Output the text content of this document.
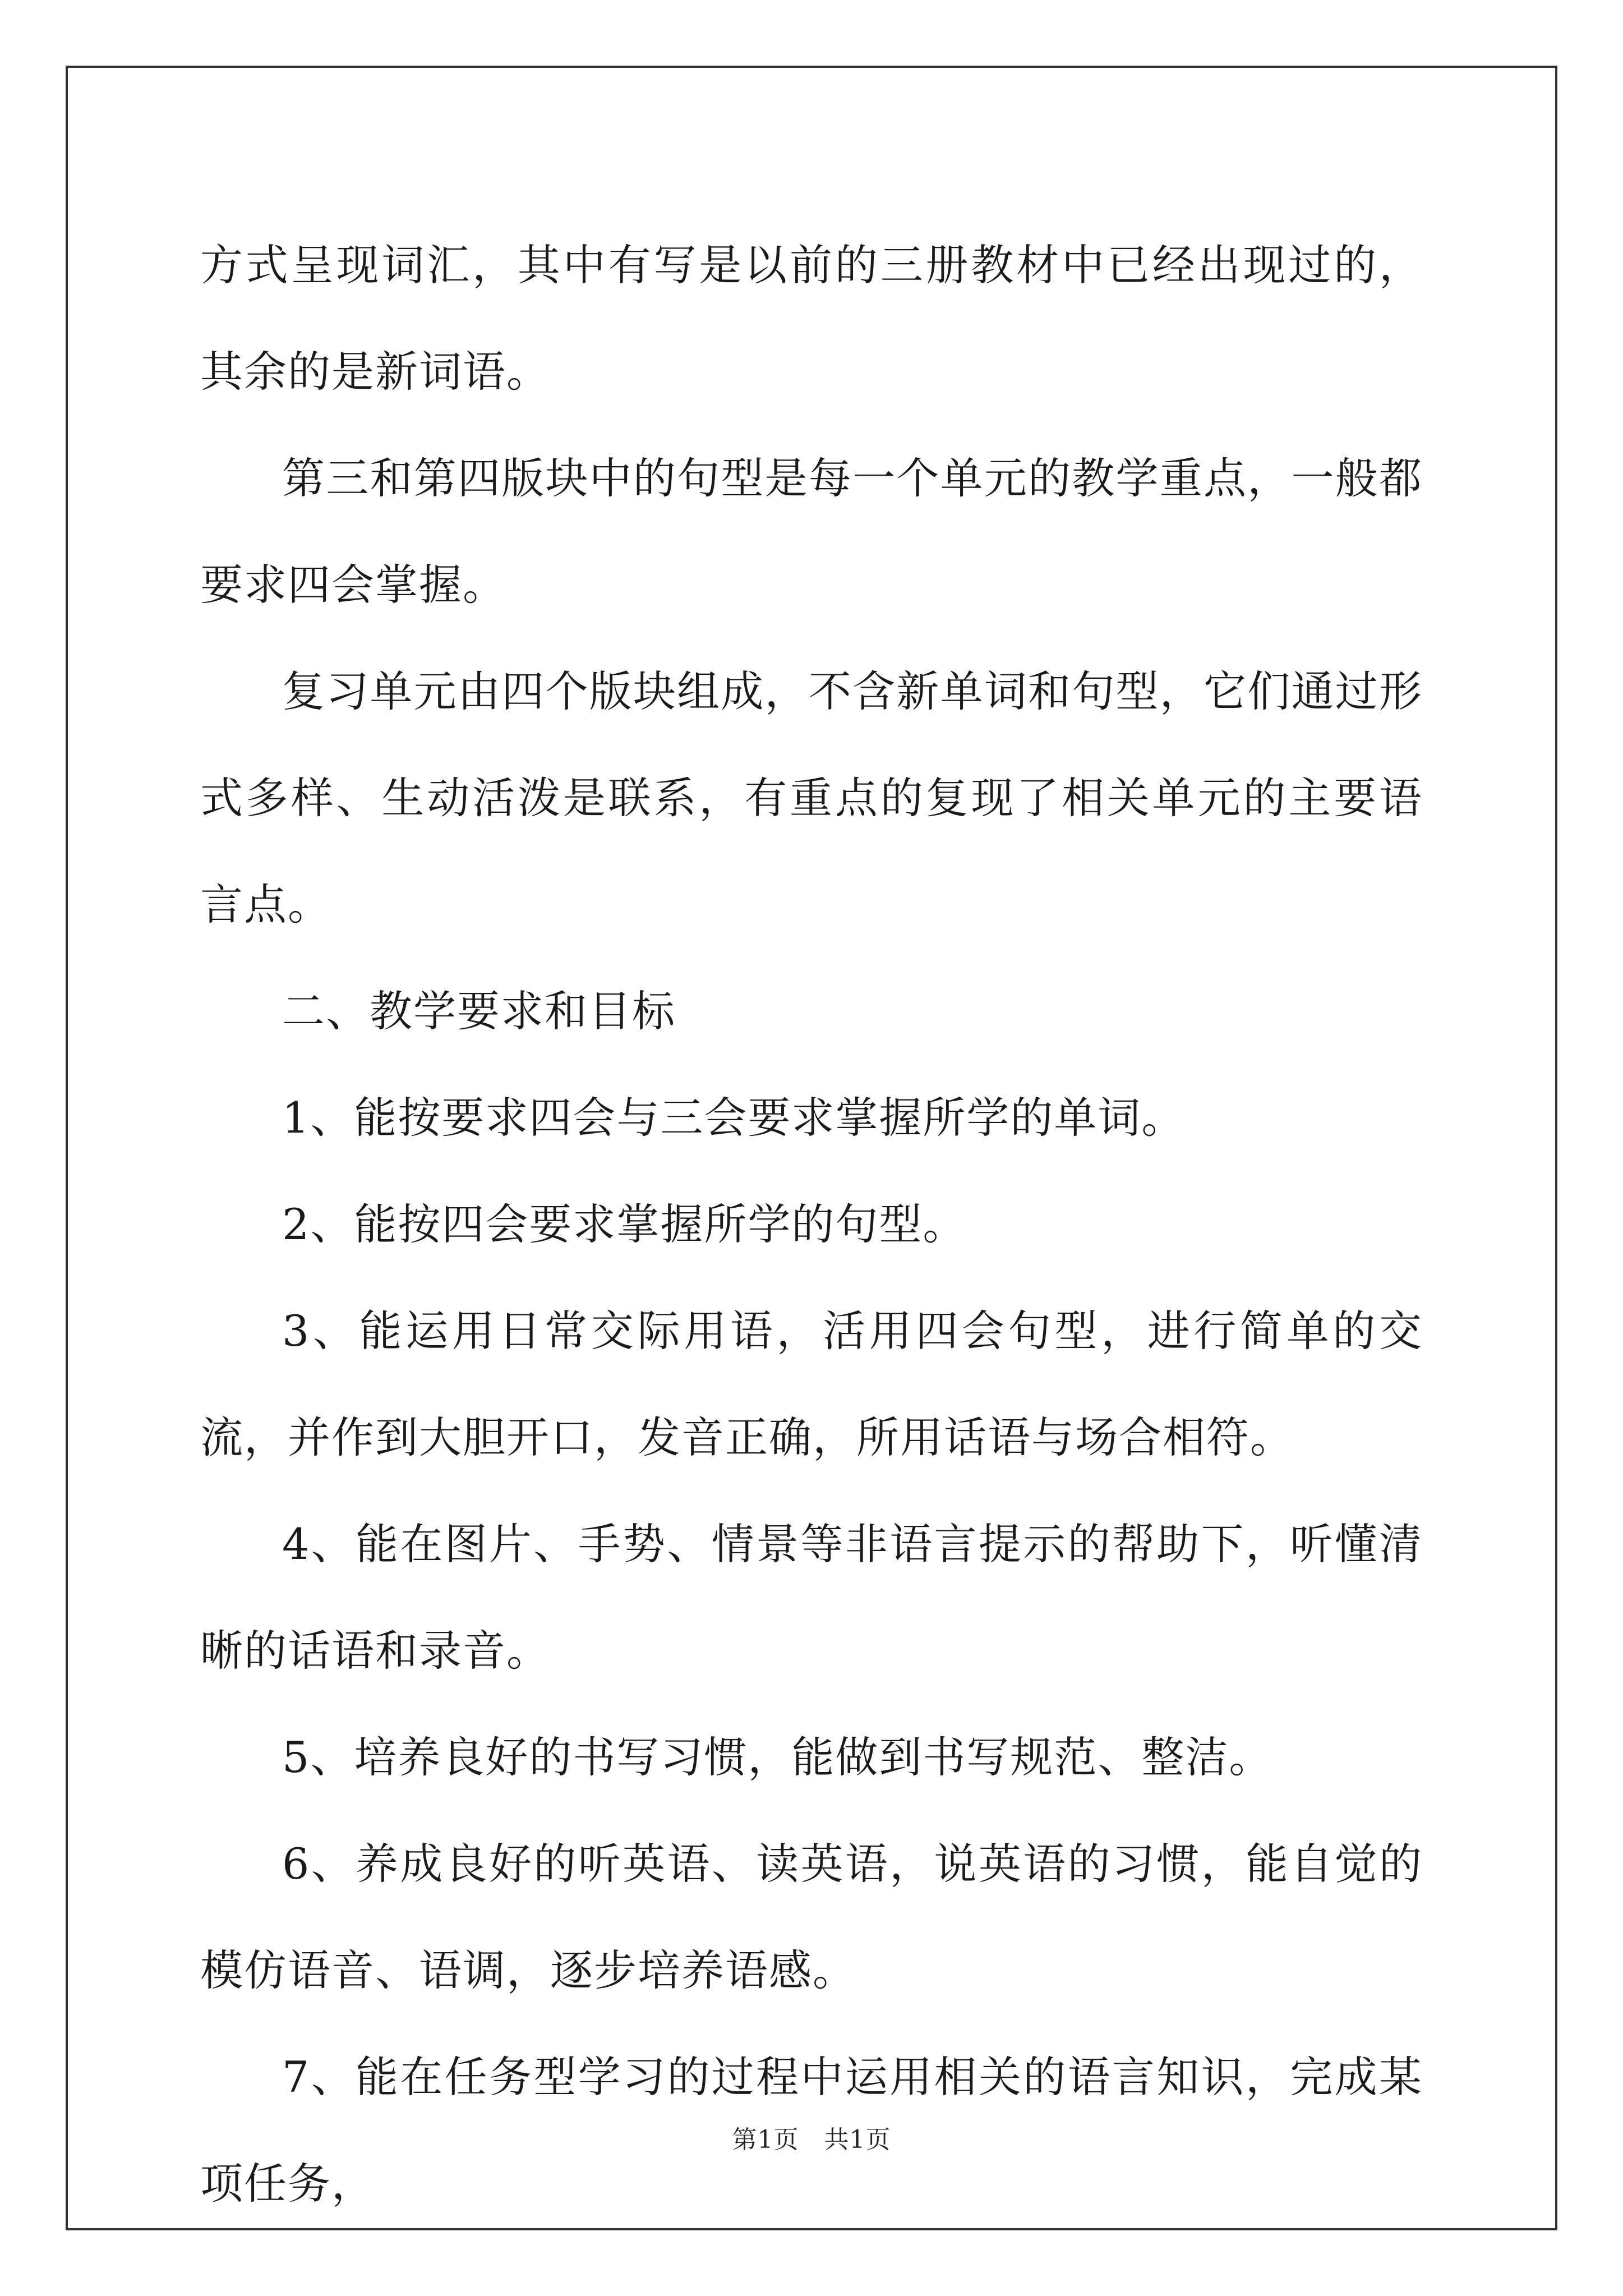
方式呈现词汇，其中有写是以前的三册教材中已经出现过的，其余的是新词语。

第三和第四版块中的句型是每一个单元的教学重点，一般都要求四会掌握。

复习单元由四个版块组成，不含新单词和句型，它们通过形式多样、生动活泼是联系，有重点的复现了相关单元的主要语言点。

二、教学要求和目标

1、能按要求四会与三会要求掌握所学的单词。

2、能按四会要求掌握所学的句型。

3、能运用日常交际用语，活用四会句型，进行简单的交流，并作到大胆开口，发音正确，所用话语与场合相符。

4、能在图片、手势、情景等非语言提示的帮助下，听懂清晰的话语和录音。

5、培养良好的书写习惯，能做到书写规范、整洁。

6、养成良好的听英语、读英语，说英语的习惯，能自觉的模仿语音、语调，逐步培养语感。

7、能在任务型学习的过程中运用相关的语言知识，完成某项任务，

第1页　共1页
